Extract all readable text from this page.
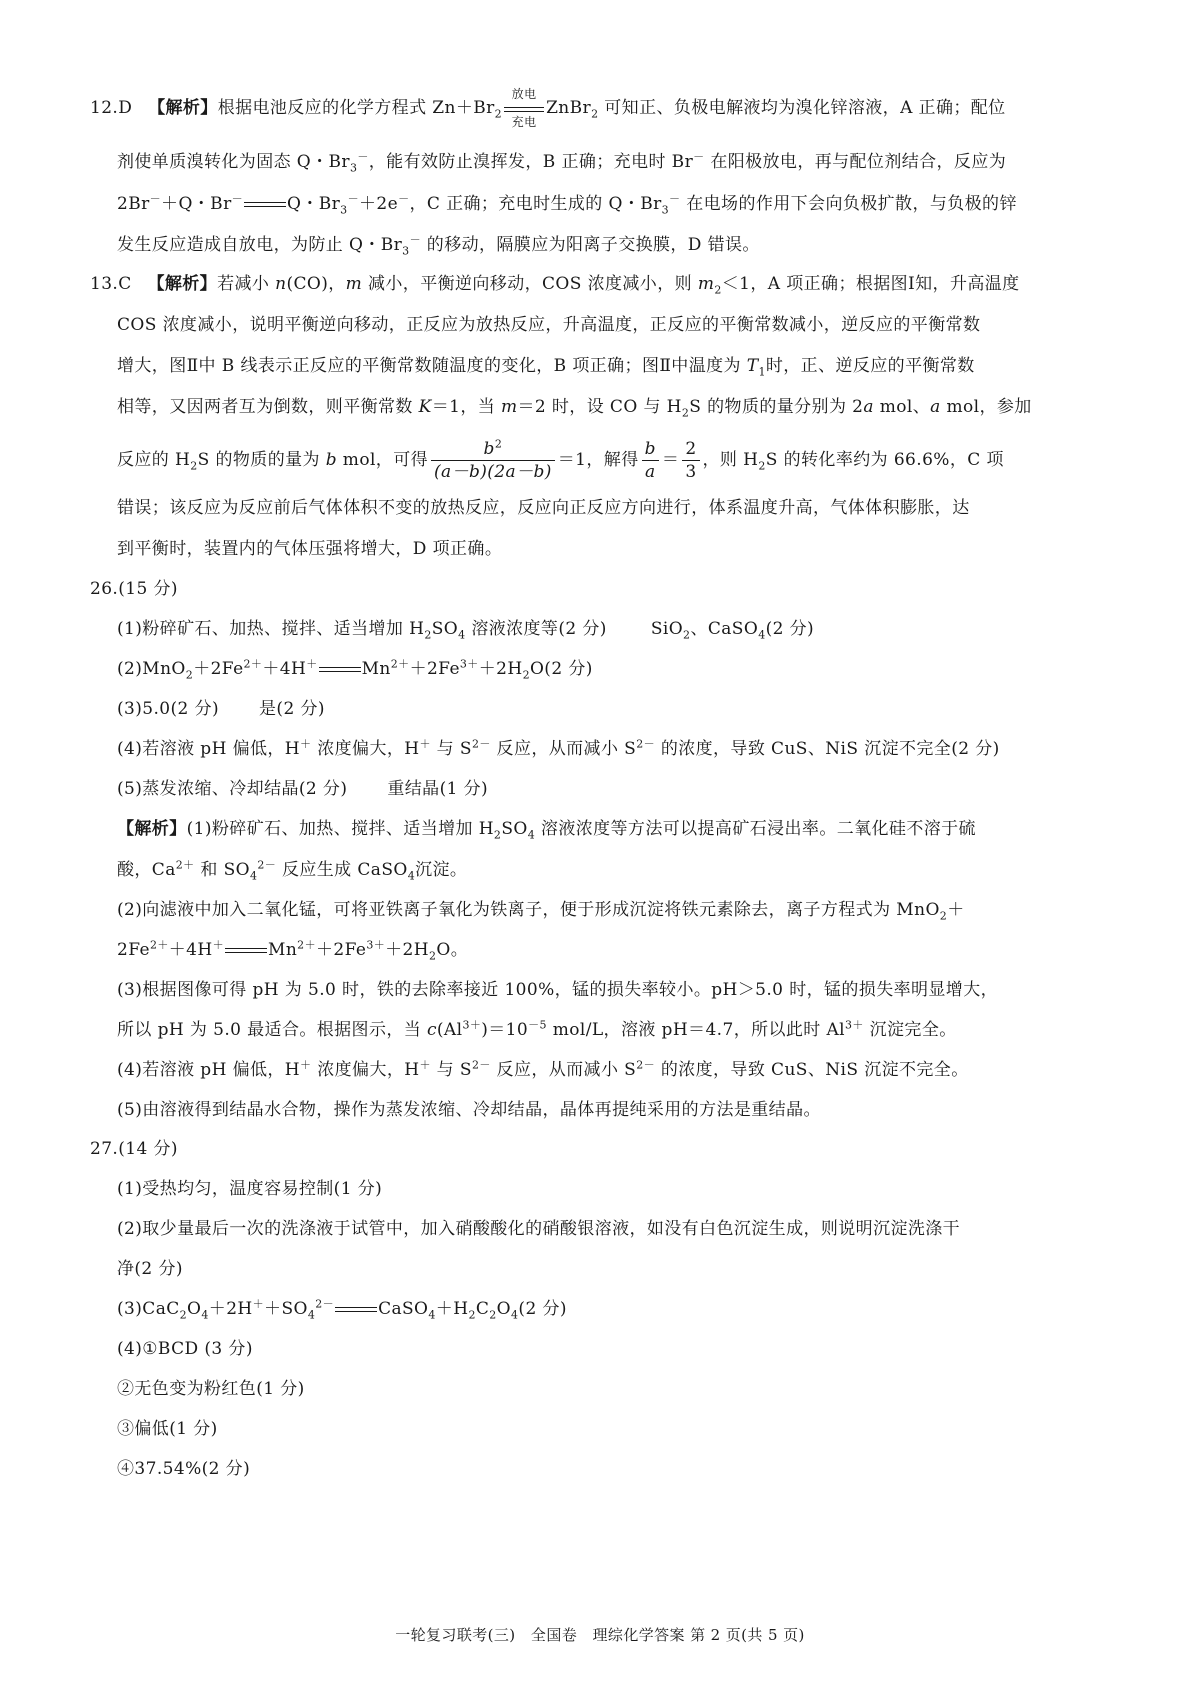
12.D 【解析】根据电池反应的化学方程式 $Zn+Br_2$
放电
充电
ZnBr$_2$ 可知正、负极电解液均为溴化锌溶液，A 正确；配位
剂使单质溴转化为固态 Q・$Br_3^-$，能有效防止溴挥发，B 正确；充电时 Br－ 在阳极放电，再与配位剂结合，反应为
2Br－＋Q・Br－	Q・$Br_3^-+2e^-$，C 正确；充电时生成的 Q・$Br_3^-$ 在电场的作用下会向负极扩散，与负极的锌
发生反应造成自放电，为防止 Q・$Br_3^-$ 的移动，隔膜应为阳离子交换膜，D 错误。
13.C 【解析】若减小 n(CO)，m 减小，平衡逆向移动，COS 浓度减小，则 $m_2<1$，A 项正确；根据图Ⅰ知，升高温度
COS 浓度减小，说明平衡逆向移动，正反应为放热反应，升高温度，正反应的平衡常数减小，逆反应的平衡常数
增大，图Ⅱ中 B 线表示正反应的平衡常数随温度的变化，B 项正确；图Ⅱ中温度为 $T_1$时，正、逆反应的平衡常数
相等，又因两者互为倒数，则平衡常数 K＝1，当 m＝2 时，设 CO 与 $H_2S$ 的物质的量分别为 2a mol、a mol，参加
反应的 $H_2S$ 的物质的量为 b mol，可得 $\frac{b^2}{(a-b)(2a-b)} =1$，解得 $\frac{b}{a} = \frac{2}{3}$ ，则 $H_2S$ 的转化率约为 66.6%，C 项
错误；该反应为反应前后气体体积不变的放热反应，反应向正反应方向进行，体系温度升高，气体体积膨胀，达
到平衡时，装置内的气体压强将增大，D 项正确。
26.(15 分)
(1)粉碎矿石、加热、搅拌、适当增加 $H_2SO_4$ 溶液浓度等(2 分)	SiO$_2$、CaSO$_4$(2 分)
$(2)MnO_2+2Fe^{2+}+4H^+$	$Mn^{2+}+2Fe^{3+}+2H_2O(2$ 分)
(3)5.0(2 分) 是(2 分)
(4)若溶液 pH 偏低，H＋ 浓度偏大，H＋ 与 $S^{2-}$ 反应，从而减小 $S^{2-}$ 的浓度，导致 CuS、NiS 沉淀不完全(2 分)
(5)蒸发浓缩、冷却结晶(2 分) 重结晶(1 分)
【解析】(1)粉碎矿石、加热、搅拌、适当增加 $H_2SO_4$ 溶液浓度等方法可以提高矿石浸出率。二氧化硅不溶于硫
酸，$Ca^{2+}$ 和 $SO_4^{2-}$ 反应生成 CaSO$_4$沉淀。
(2)向滤液中加入二氧化锰，可将亚铁离子氧化为铁离子，便于形成沉淀将铁元素除去，离子方程式为 MnO$_2$＋
$2Fe^{2+}+4H^+$	$Mn^{2+}+2Fe^{3+}+2H_2O$。
(3)根据图像可得 pH 为 5.0 时，铁的去除率接近 100%，锰的损失率较小。pH＞5.0 时，锰的损失率明显增大，
所以 pH 为 5.0 最适合。根据图示，当 $c(Al^{3+})=10^{-5}$ mol/L，溶液 pH＝4.7，所以此时 $Al^{3+}$ 沉淀完全。
(4)若溶液 pH 偏低，H＋ 浓度偏大，H＋ 与 $S^{2-}$ 反应，从而减小 $S^{2-}$ 的浓度，导致 CuS、NiS 沉淀不完全。
(5)由溶液得到结晶水合物，操作为蒸发浓缩、冷却结晶，晶体再提纯采用的方法是重结晶。
27.(14 分)
(1)受热均匀，温度容易控制(1 分)
(2)取少量最后一次的洗涤液于试管中，加入硝酸酸化的硝酸银溶液，如没有白色沉淀生成，则说明沉淀洗涤干
净(2 分)
$(3)CaC_2O_4+2H^++SO_4^{2-}$	$CaSO_4+H_2C_2O_4(2$ 分)
(4)①BCD (3 分)
②无色变为粉红色(1 分)
③偏低(1 分)
④37.54%(2 分)
一轮复习联考(三)　全国卷　理综化学答案 第 2 页(共 5 页)
